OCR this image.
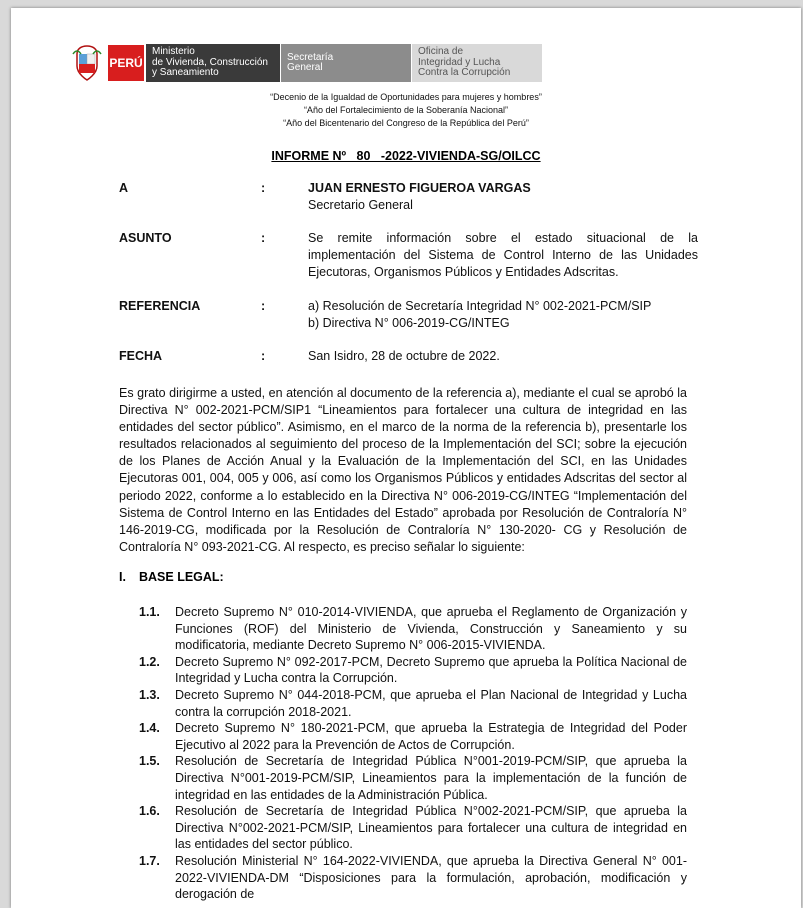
PERÚ
Ministerio
de Vivienda, Construcción
y Saneamiento
Secretaría
General
Oficina de
Integridad y Lucha
Contra la Corrupción
“Decenio de la Igualdad de Oportunidades para mujeres y hombres”
“Año del Fortalecimiento de la Soberanía Nacional”
“Año del Bicentenario del Congreso de la República del Perú”
INFORME Nº   80   -2022-VIVIENDA-SG/OILCC
A	:	JUAN ERNESTO FIGUEROA VARGAS
Secretario General
ASUNTO	:	Se remite información sobre el estado situacional de la implementación del Sistema de Control Interno de las Unidades Ejecutoras, Organismos Públicos y Entidades Adscritas.
REFERENCIA	:	a) Resolución de Secretaría Integridad N° 002-2021-PCM/SIP
b) Directiva N° 006-2019-CG/INTEG
FECHA	:	San Isidro, 28 de octubre de 2022.
Es grato dirigirme a usted, en atención al documento de la referencia a), mediante el cual se aprobó la Directiva N° 002-2021-PCM/SIP1 “Lineamientos para fortalecer una cultura de integridad en las entidades del sector público”. Asimismo, en el marco de la norma de la referencia b), presentarle los resultados relacionados al seguimiento del proceso de la Implementación del SCI; sobre la ejecución de los Planes de Acción Anual y la Evaluación de la Implementación del SCI, en las Unidades Ejecutoras 001, 004, 005 y 006, así como los Organismos Públicos y entidades Adscritas del sector al periodo 2022, conforme a lo establecido en la Directiva N° 006-2019-CG/INTEG “Implementación del Sistema de Control Interno en las Entidades del Estado” aprobada por Resolución de Contraloría N° 146-2019-CG, modificada por la Resolución de Contraloría N° 130-2020- CG y Resolución de Contraloría N° 093-2021-CG. Al respecto, es preciso señalar lo siguiente:
I. BASE LEGAL:
1.1.	Decreto Supremo N° 010-2014-VIVIENDA, que aprueba el Reglamento de Organización y Funciones (ROF) del Ministerio de Vivienda, Construcción y Saneamiento y su modificatoria, mediante Decreto Supremo N° 006-2015-VIVIENDA.
1.2.	Decreto Supremo N° 092-2017-PCM, Decreto Supremo que aprueba la Política Nacional de Integridad y Lucha contra la Corrupción.
1.3.	Decreto Supremo N° 044-2018-PCM, que aprueba el Plan Nacional de Integridad y Lucha contra la corrupción 2018-2021.
1.4.	Decreto Supremo N° 180-2021-PCM, que aprueba la Estrategia de Integridad del Poder Ejecutivo al 2022 para la Prevención de Actos de Corrupción.
1.5.	Resolución de Secretaría de Integridad Pública N°001-2019-PCM/SIP, que aprueba la Directiva N°001-2019-PCM/SIP, Lineamientos para la implementación de la función de integridad en las entidades de la Administración Pública.
1.6.	Resolución de Secretaría de Integridad Pública N°002-2021-PCM/SIP, que aprueba la Directiva N°002-2021-PCM/SIP, Lineamientos para fortalecer una cultura de integridad en las entidades del sector público.
1.7.	Resolución Ministerial N° 164-2022-VIVIENDA, que aprueba la Directiva General N° 001-2022-VIVIENDA-DM “Disposiciones para la formulación, aprobación, modificación y derogación de
